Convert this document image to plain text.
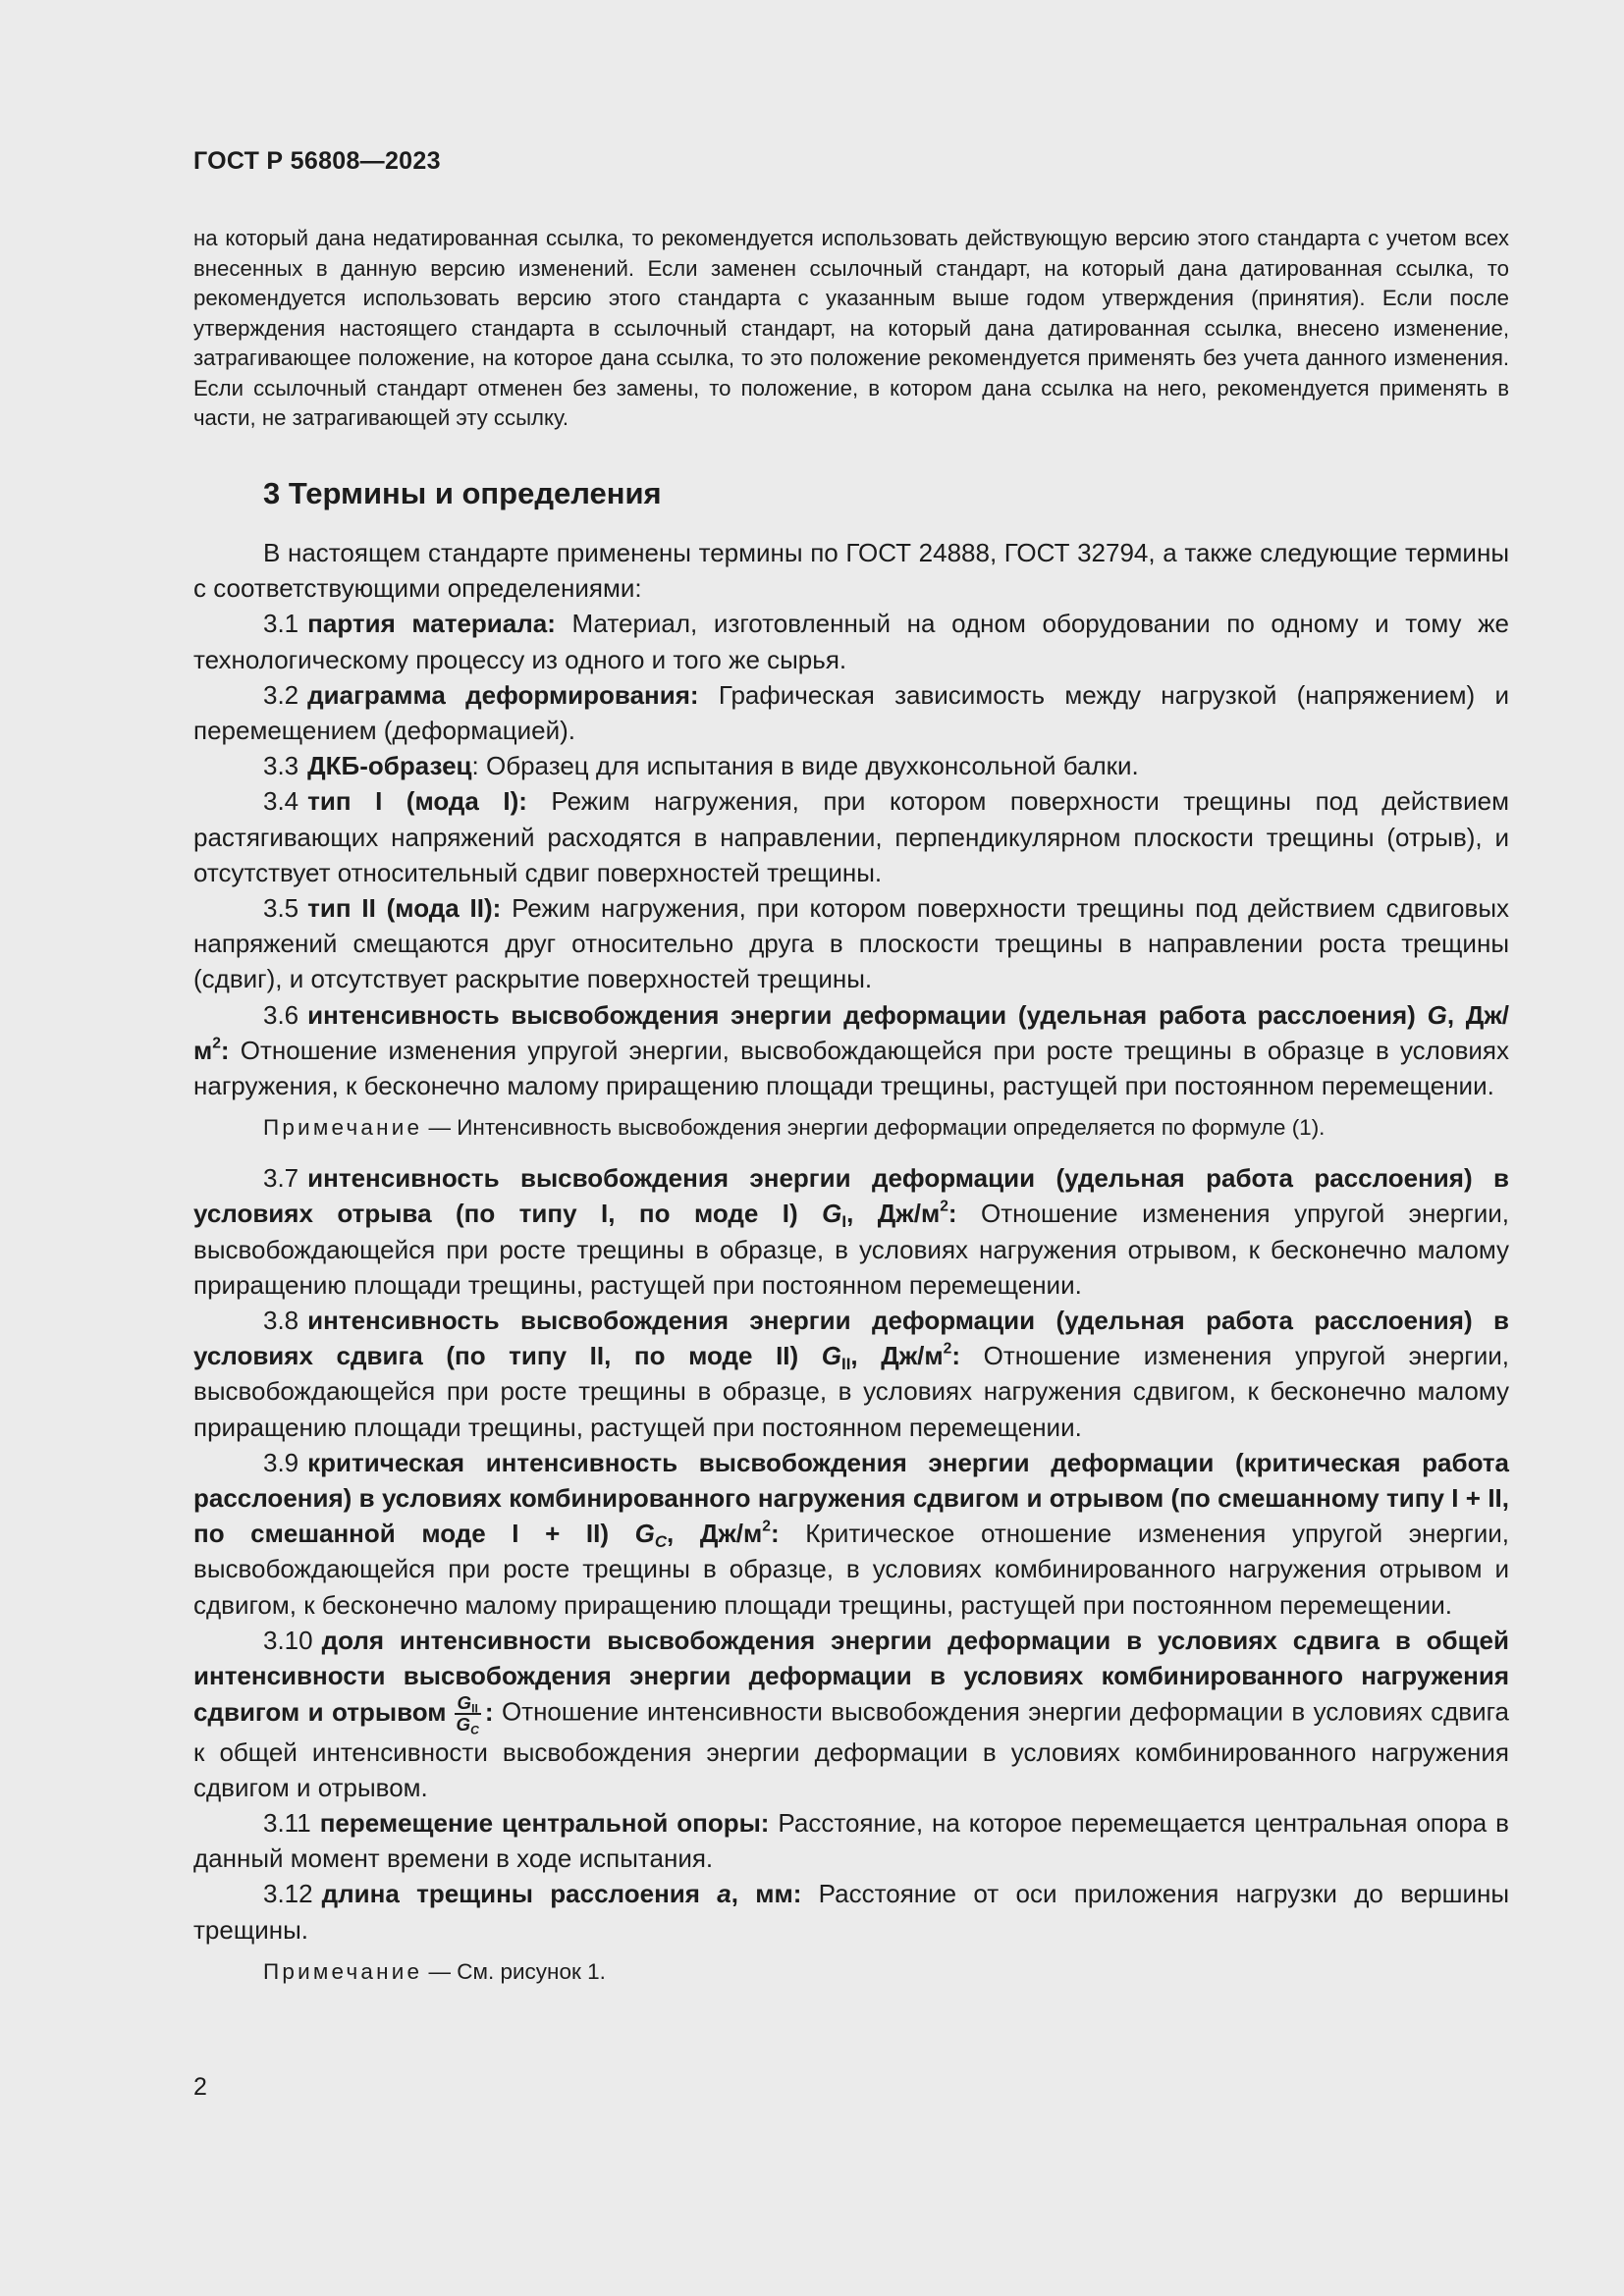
ГОСТ Р 56808—2023
на который дана недатированная ссылка, то рекомендуется использовать действующую версию этого стандарта с учетом всех внесенных в данную версию изменений. Если заменен ссылочный стандарт, на который дана датированная ссылка, то рекомендуется использовать версию этого стандарта с указанным выше годом утверждения (принятия). Если после утверждения настоящего стандарта в ссылочный стандарт, на который дана датированная ссылка, внесено изменение, затрагивающее положение, на которое дана ссылка, то это положение рекомендуется применять без учета данного изменения. Если ссылочный стандарт отменен без замены, то положение, в котором дана ссылка на него, рекомендуется применять в части, не затрагивающей эту ссылку.
3 Термины и определения

В настоящем стандарте применены термины по ГОСТ 24888, ГОСТ 32794, а также следующие термины с соответствующими определениями:

3.1 партия материала: Материал, изготовленный на одном оборудовании по одному и тому же технологическому процессу из одного и того же сырья.

3.2 диаграмма деформирования: Графическая зависимость между нагрузкой (напряжением) и перемещением (деформацией).

3.3 ДКБ-образец: Образец для испытания в виде двухконсольной балки.

3.4 тип I (мода I): Режим нагружения, при котором поверхности трещины под действием растягивающих напряжений расходятся в направлении, перпендикулярном плоскости трещины (отрыв), и отсутствует относительный сдвиг поверхностей трещины.

3.5 тип II (мода II): Режим нагружения, при котором поверхности трещины под действием сдвиговых напряжений смещаются друг относительно друга в плоскости трещины в направлении роста трещины (сдвиг), и отсутствует раскрытие поверхностей трещины.

3.6 интенсивность высвобождения энергии деформации (удельная работа расслоения) G, $Дж/м^2$: Отношение изменения упругой энергии, высвобождающейся при росте трещины в образце в условиях нагружения, к бесконечно малому приращению площади трещины, растущей при постоянном перемещении.

Примечание — Интенсивность высвобождения энергии деформации определяется по формуле (1).

3.7 интенсивность высвобождения энергии деформации (удельная работа расслоения) в условиях отрыва (по типу I, по моде I) $G_I$, $Дж/м^2$: Отношение изменения упругой энергии, высвобождающейся при росте трещины в образце, в условиях нагружения отрывом, к бесконечно малому приращению площади трещины, растущей при постоянном перемещении.

3.8 интенсивность высвобождения энергии деформации (удельная работа расслоения) в условиях сдвига (по типу II, по моде II) $G_{II}$, $Дж/м^2$: Отношение изменения упругой энергии, высвобождающейся при росте трещины в образце, в условиях нагружения сдвигом, к бесконечно малому приращению площади трещины, растущей при постоянном перемещении.

3.9 критическая интенсивность высвобождения энергии деформации (критическая работа расслоения) в условиях комбинированного нагружения сдвигом и отрывом (по смешанному типу I + II, по смешанной моде I + II) $G_C$, $Дж/м^2$: Критическое отношение изменения упругой энергии, высвобождающейся при росте трещины в образце, в условиях комбинированного нагружения отрывом и сдвигом, к бесконечно малому приращению площади трещины, растущей при постоянном перемещении.

3.10 доля интенсивности высвобождения энергии деформации в условиях сдвига в общей интенсивности высвобождения энергии деформации в условиях комбинированного нагружения сдвигом и отрывом $\frac{G_{II}}{G_C}$ : Отношение интенсивности высвобождения энергии деформации в условиях сдвига к общей интенсивности высвобождения энергии деформации в условиях комбинированного нагружения сдвигом и отрывом.

3.11 перемещение центральной опоры: Расстояние, на которое перемещается центральная опора в данный момент времени в ходе испытания.

3.12 длина трещины расслоения a, мм: Расстояние от оси приложения нагрузки до вершины трещины.

Примечание — См. рисунок 1.

2
